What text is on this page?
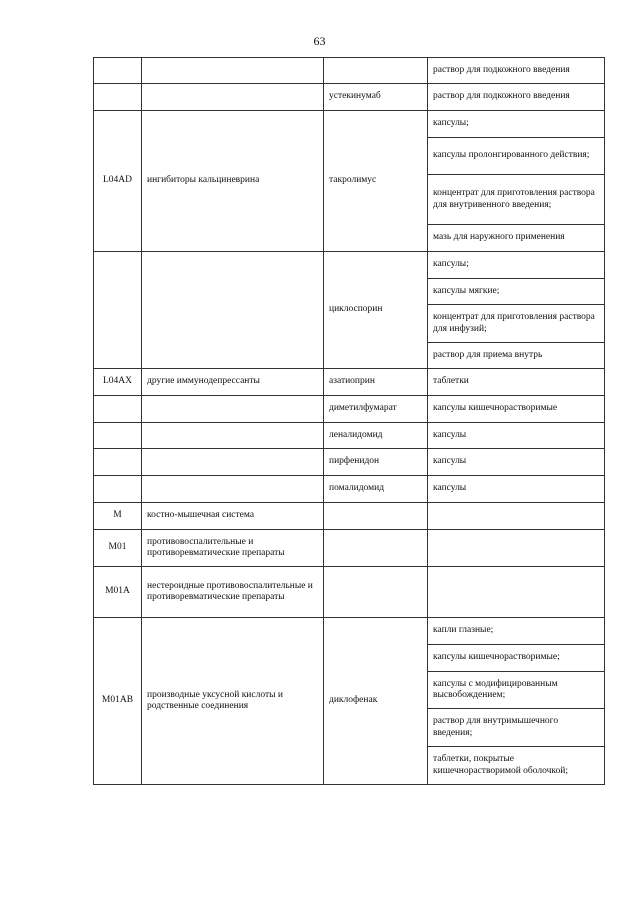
63
			раствор для подкожного введения
		устекинумаб	раствор для подкожного введения
L04AD	ингибиторы кальциневрина	такролимус	капсулы;
			капсулы пролонгированного действия;
			концентрат для приготовления раствора для внутривенного введения;
			мазь для наружного применения
		циклоспорин	капсулы;
			капсулы мягкие;
			концентрат для приготовления раствора для инфузий;
			раствор для приема внутрь
L04AX	другие иммунодепрессанты	азатиоприн	таблетки
		диметилфумарат	капсулы кишечнорастворимые
		леналидомид	капсулы
		пирфенидон	капсулы
		помалидомид	капсулы
M	костно-мышечная система		
M01	противовоспалительные и противоревматические препараты		
M01A	нестероидные противовоспалительные и противоревматические препараты		
M01AB	производные уксусной кислоты и родственные соединения	диклофенак	капли глазные;
			капсулы кишечнорастворимые;
			капсулы с модифицированным высвобождением;
			раствор для внутримышечного введения;
			таблетки, покрытые кишечнорастворимой оболочкой;
